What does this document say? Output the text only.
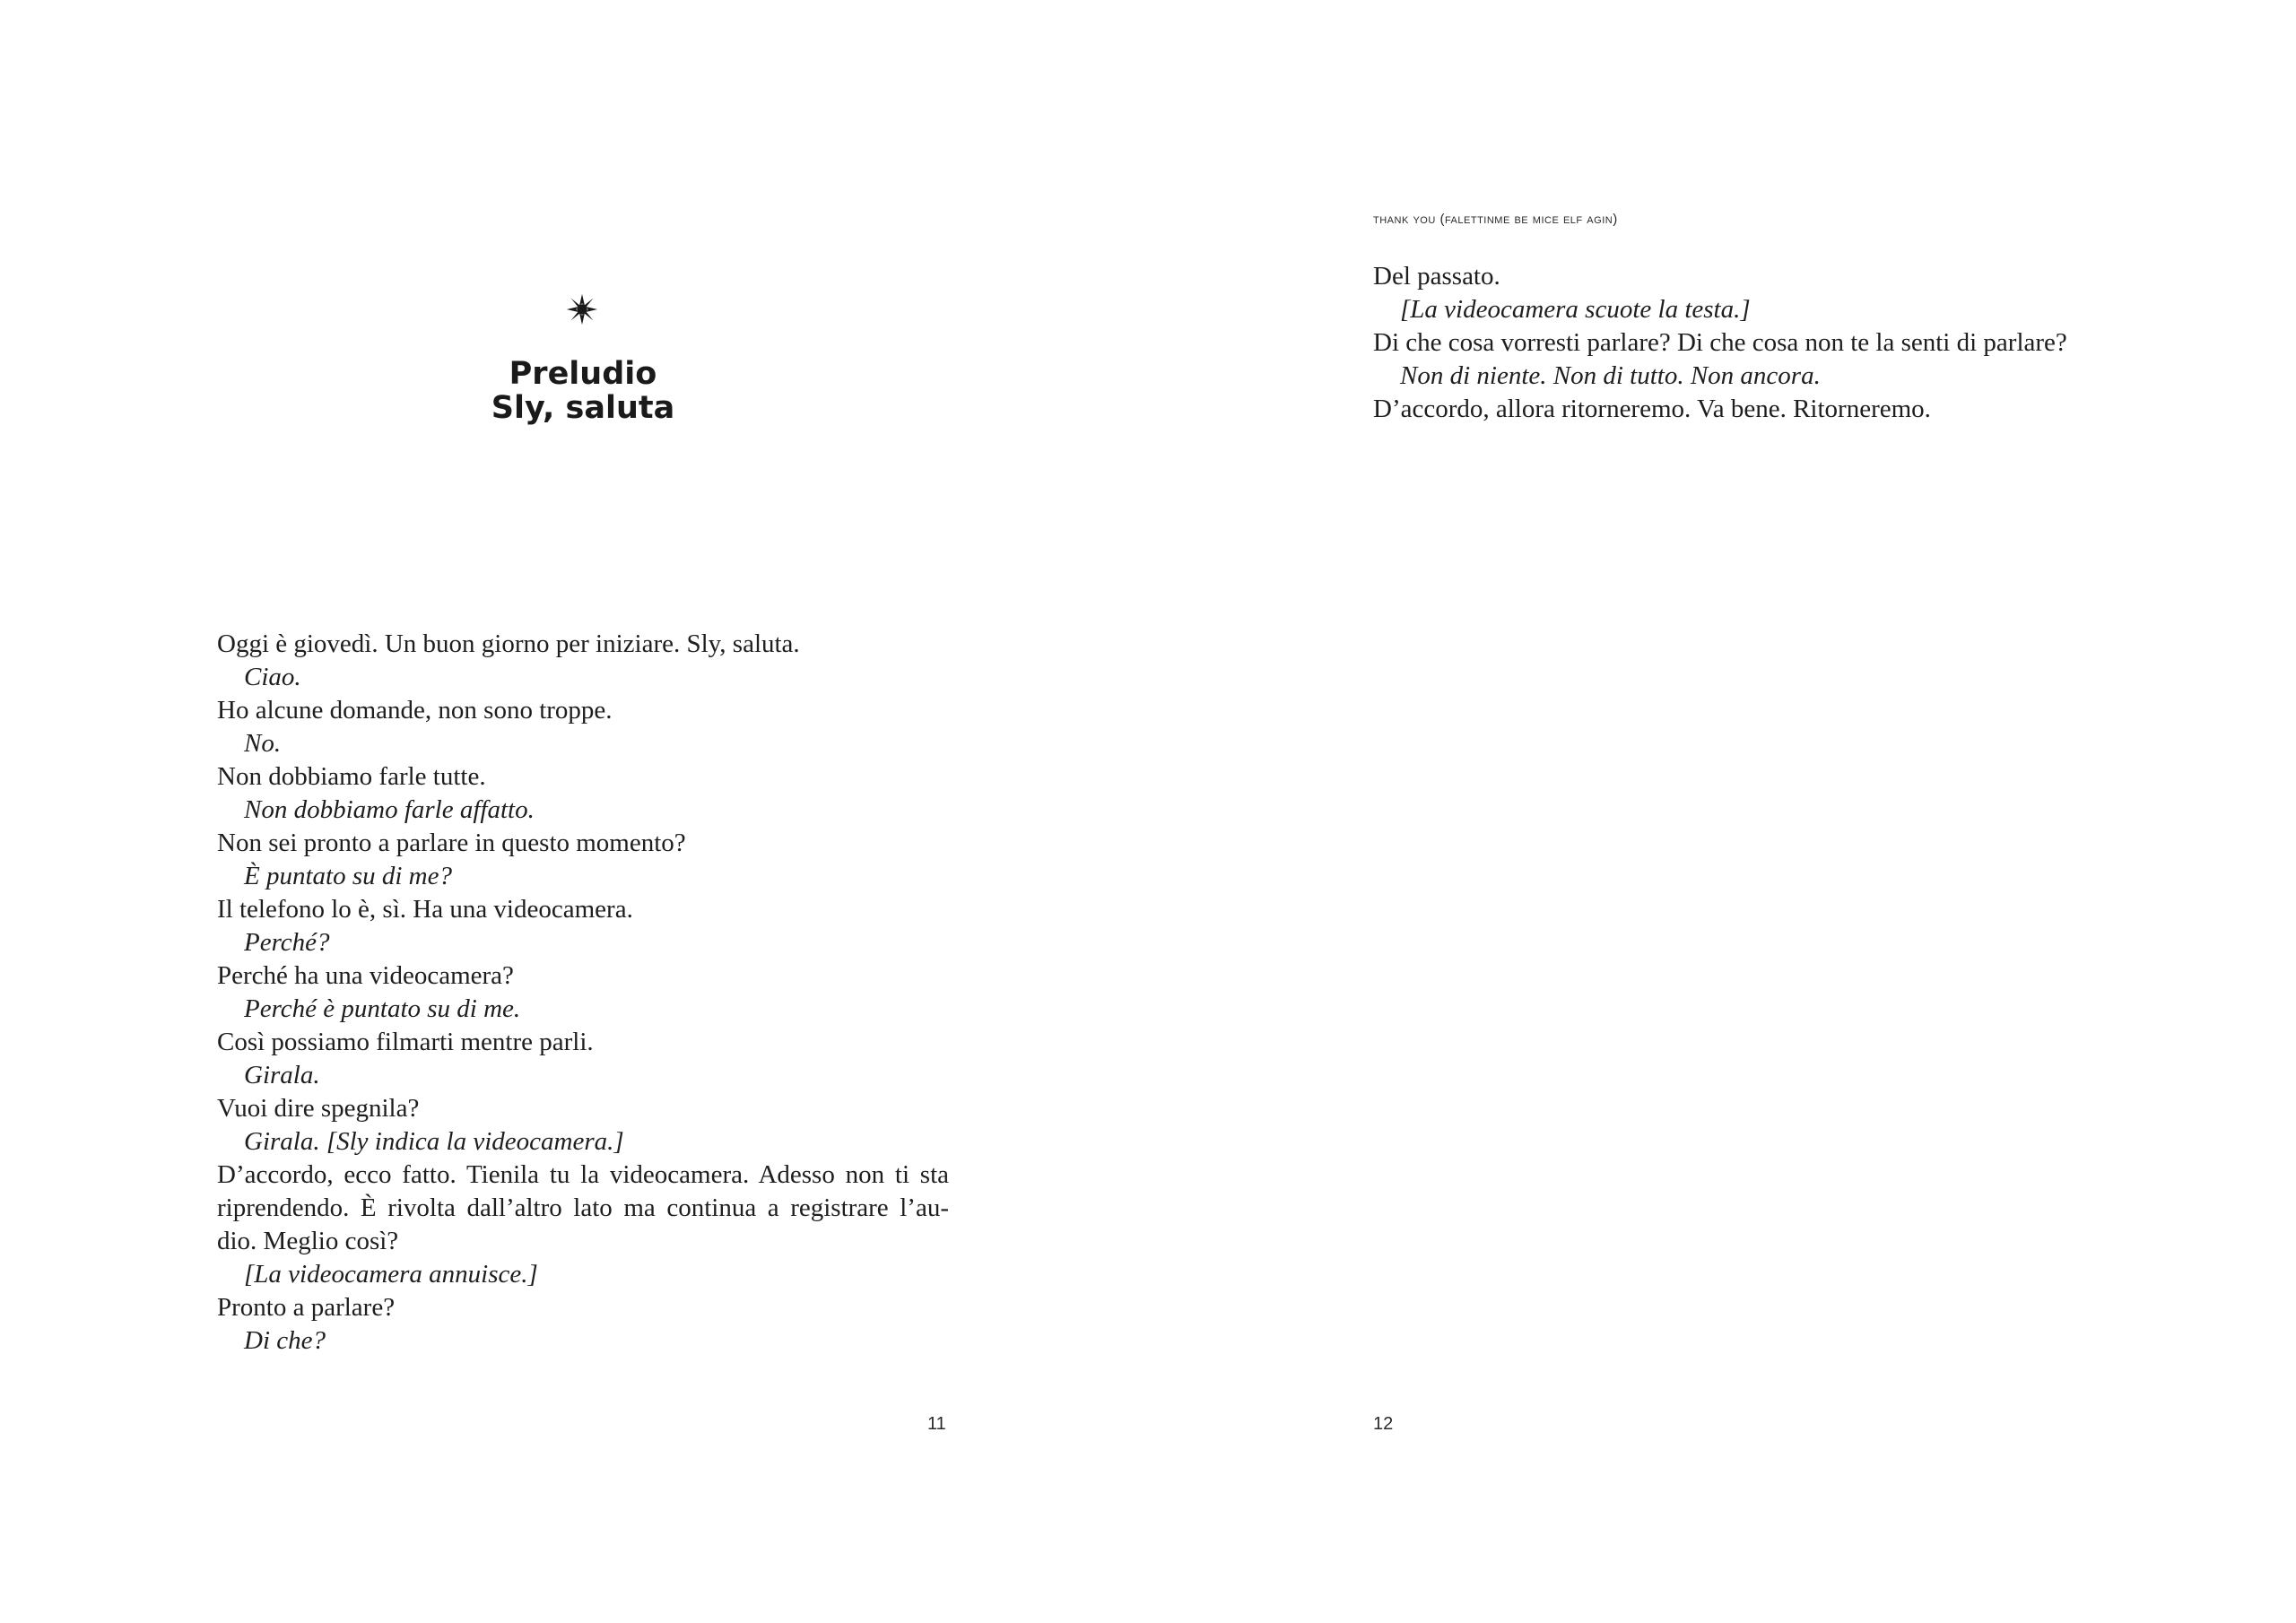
Preludio
Sly, saluta
Oggi è giovedì. Un buon giorno per iniziare. Sly, saluta.
Ciao.
Ho alcune domande, non sono troppe.
No.
Non dobbiamo farle tutte.
Non dobbiamo farle affatto.
Non sei pronto a parlare in questo momento?
È puntato su di me?
Il telefono lo è, sì. Ha una videocamera.
Perché?
Perché ha una videocamera?
Perché è puntato su di me.
Così possiamo filmarti mentre parli.
Girala.
Vuoi dire spegnila?
Girala. [Sly indica la videocamera.]
D’accordo, ecco fatto. Tienila tu la videocamera. Adesso non ti sta
riprendendo. È rivolta dall’altro lato ma continua a registrare l’au-
dio. Meglio così?
[La videocamera annuisce.]
Pronto a parlare?
Di che?
11
thank you (falettinme be mice elf agin)
Del passato.
[La videocamera scuote la testa.]
Di che cosa vorresti parlare? Di che cosa non te la senti di parlare?
Non di niente. Non di tutto. Non ancora.
D’accordo, allora ritorneremo. Va bene. Ritorneremo.
12
